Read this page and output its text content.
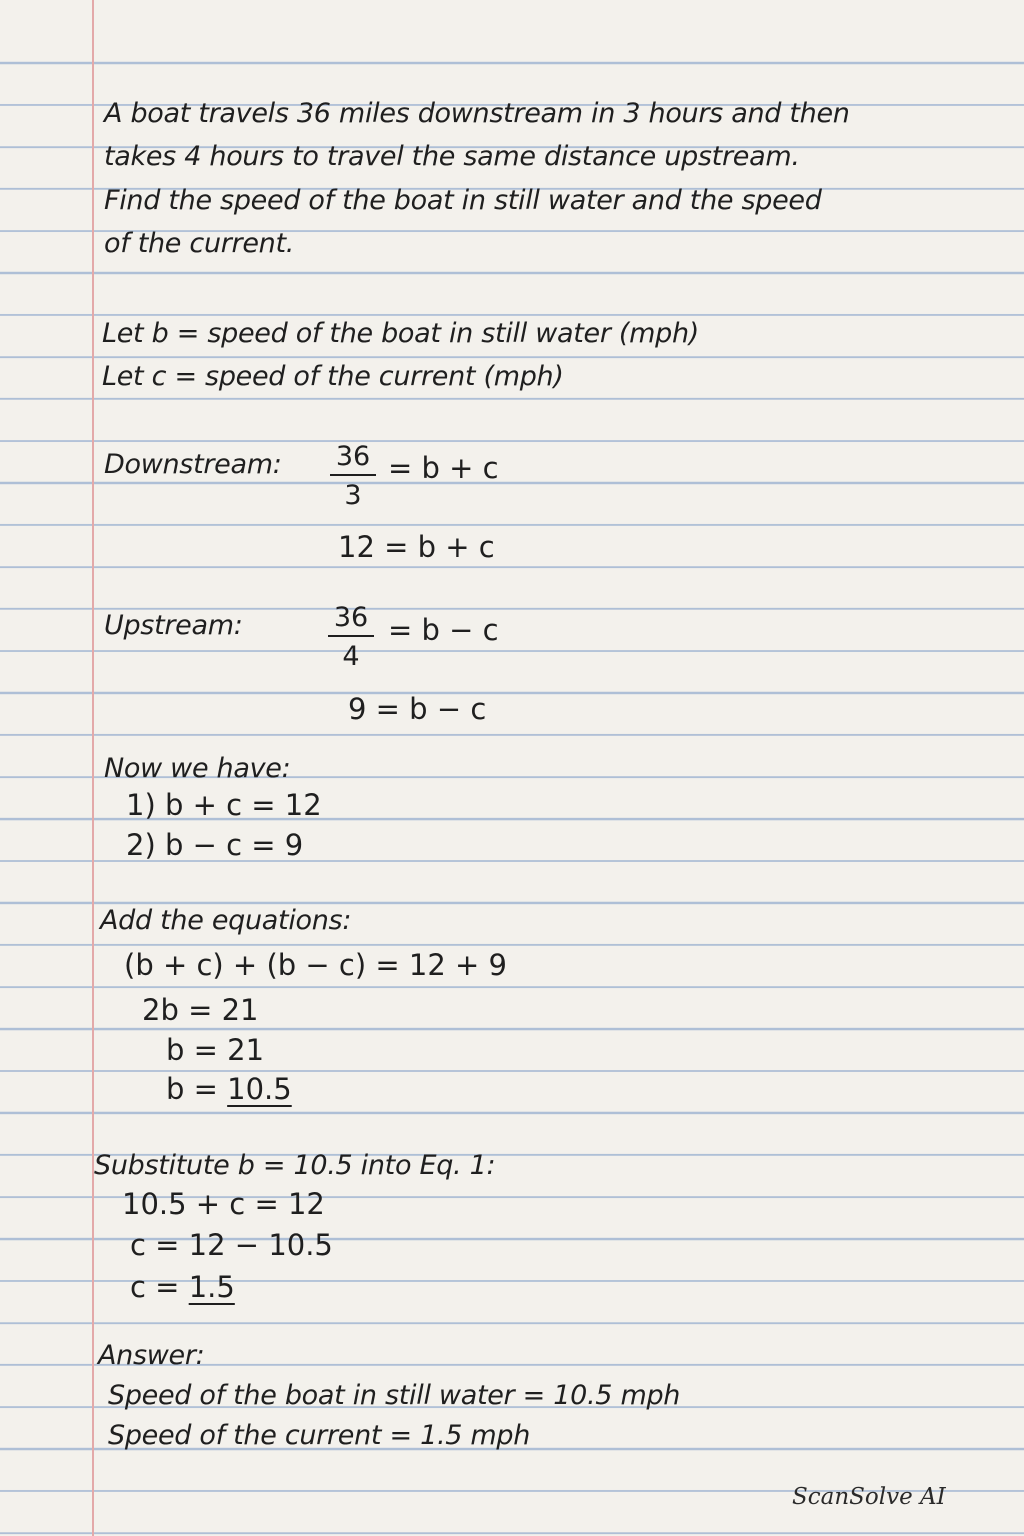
A boat travels 36 miles downstream in 3 hours and then
takes 4 hours to travel the same distance upstream.
Find the speed of the boat in still water and the speed
of the current.
Let b = speed of the boat in still water (mph)
Let c = speed of the current (mph)
Downstream: $\frac{36}{3} = b + c$
12 = b + c
Upstream:	$\frac{36}{4} = b - c$
9 = b − c
Now we have:
1) b + c = 12
2) b − c = 9
Add the equations:
(b + c) + (b − c) = 12 + 9
2b = 21
b = 21
b = 10.5
Substitute b = 10.5 into Eq. 1:
10.5 + c = 12
c = 12 − 10.5
c = 1.5
Answer:
Speed of the boat in still water = 10.5 mph
Speed of the current = 1.5 mph
ScanSolve AI
